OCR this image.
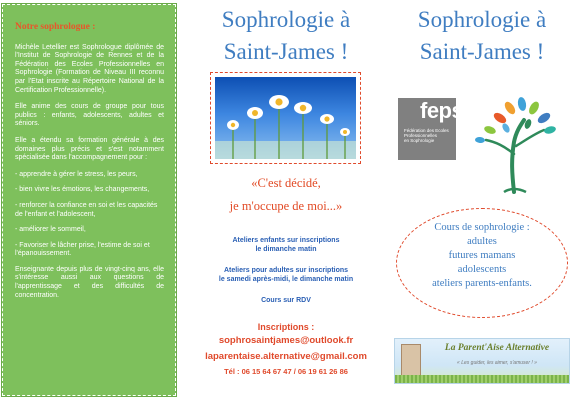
Notre sophrologue :

Michèle Letellier est Sophrologue diplômée de l'Institut de Sophrologie de Rennes et de la Fédération des Ecoles Professionnelles en Sophrologie (Formation de Niveau III reconnu par l'Etat inscrite au Répertoire National de la Certification Professionnelle).

Elle anime des cours de groupe pour tous publics : enfants, adolescents, adultes et séniors.

Elle a étendu sa formation générale à des domaines plus précis et s'est notamment spécialisée dans l'accompagnement pour :

- apprendre à gérer le stress, les peurs,
- bien vivre les émotions, les changements,
- renforcer la confiance en soi et les capacités de l'enfant et l'adolescent,
- améliorer le sommeil,
- Favoriser le lâcher prise, l'estime de soi et l'épanouissement.

Enseignante depuis plus de vingt-cinq ans, elle s'intéresse aussi aux questions de l'apprentissage et des difficultés de concentration.

Sophrologie à
Saint-James !
«C'est décidé,
je m'occupe de moi...»
Ateliers enfants sur inscriptions
le dimanche matin
Ateliers pour adultes sur inscriptions
le samedi après-midi, le dimanche matin
Cours sur RDV
Inscriptions :
sophrosaintjames@outlook.fr
laparentaise.alternative@gmail.com
Tél : 06 15 64 67 47 / 06 19 61 26 86
Sophrologie à
Saint-James !
feps
Fédération des Ecoles
Professionnelles
en Sophrologie
Cours de sophrologie :
adultes
futures mamans
adolescents
ateliers parents-enfants.
La Parent'Aise Alternative
« Les guider, les aimer, s'amuser ! »
